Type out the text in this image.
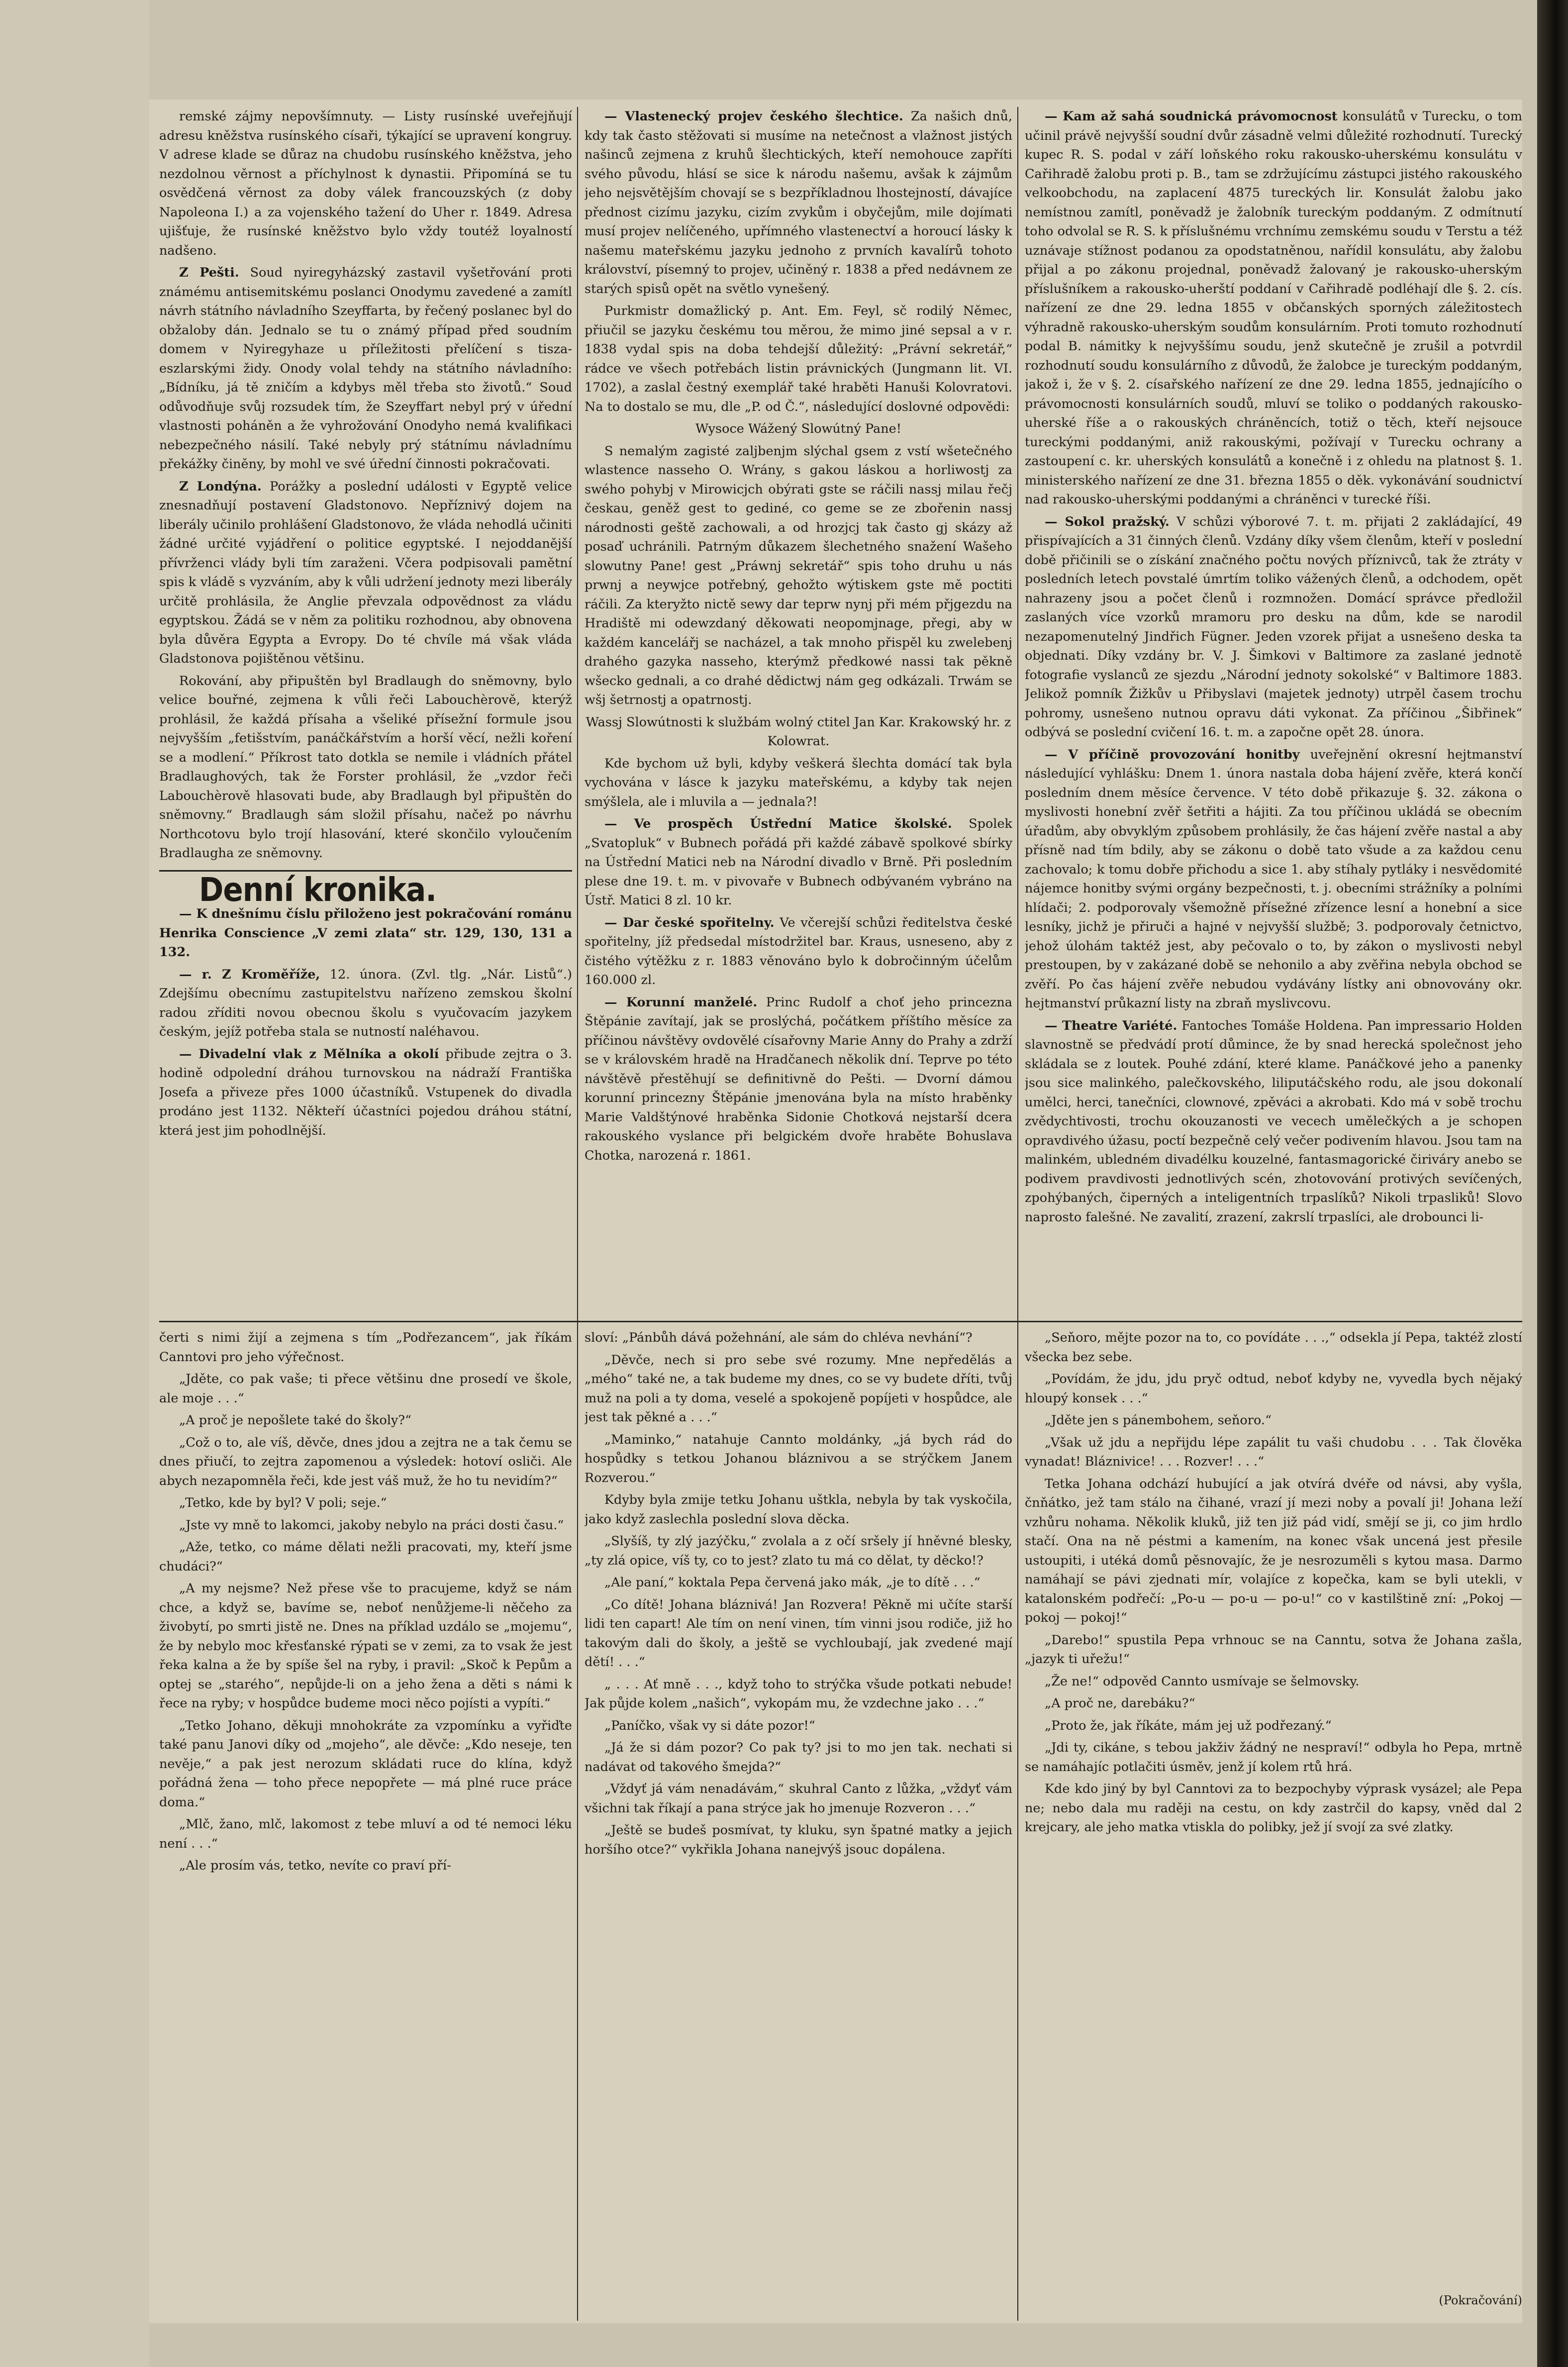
remské zájmy nepovšímnuty. — Listy rusínské uveřejňují adresu kněžstva rusínského císaři, týkající se upravení kongruy. V adrese klade se důraz na chudobu rusínského kněžstva, jeho nezdolnou věrnost a příchylnost k dynastii. Připomíná se tu osvědčená věrnost za doby válek francouzských (z doby Napoleona I.) a za vojenského tažení do Uher r. 1849. Adresa ujišťuje, že rusínské kněžstvo bylo vždy toutéž loyalností nadšeno.

Z Pešti. Soud nyiregyházský zastavil vyšetřování proti známému antisemitskému poslanci Onodymu zavedené a zamítl návrh státního návladního Szeyffarta, by řečený poslanec byl do obžaloby dán. Jednalo se tu o známý případ před soudním domem v Nyiregyhaze u příležitosti přelíčení s tisza-eszlarskými židy. Onody volal tehdy na státního návladního: „Bídníku, já tě zničím a kdybys měl třeba sto životů.“ Soud odůvodňuje svůj rozsudek tím, že Szeyffart nebyl prý v úřední vlastnosti poháněn a že vyhrožování Onodyho nemá kvalifikaci nebezpečného násilí. Také nebyly prý státnímu návladnímu překážky činěny, by mohl ve své úřední činnosti pokračovati.

Z Londýna. Porážky a poslední události v Egyptě velice znesnadňují postavení Gladstonovo. Nepříznivý dojem na liberály učinilo prohlášení Gladstonovo, že vláda nehodlá učiniti žádné určité vyjádření o politice egyptské. I nejoddanější přívrženci vlády byli tím zaraženi. Včera podpisovali pamětní spis k vládě s vyzváním, aby k vůli udržení jednoty mezi liberály určitě prohlásila, že Anglie převzala odpovědnost za vládu egyptskou. Žádá se v něm za politiku rozhodnou, aby obnovena byla důvěra Egypta a Evropy. Do té chvíle má však vláda Gladstonova pojištěnou většinu.

Rokování, aby připuštěn byl Bradlaugh do sněmovny, bylo velice bouřné, zejmena k vůli řeči Labouchèrově, kterýž prohlásil, že každá přísaha a všeliké přísežní formule jsou nejvyšším „fetišstvím, panáčkářstvím a horší věcí, nežli koření se a modlení.“ Příkrost tato dotkla se nemile i vládních přátel Bradlaughových, tak že Forster prohlásil, že „vzdor řeči Labouchèrově hlasovati bude, aby Bradlaugh byl připuštěn do sněmovny.“ Bradlaugh sám složil přísahu, načež po návrhu Northcotovu bylo trojí hlasování, které skončilo vyloučením Bradlaugha ze sněmovny.

Denní kronika.

— K dnešnímu číslu přiloženo jest pokračování románu Henrika Conscience „V zemi zlata“ str. 129, 130, 131 a 132.

— r. Z Kroměříže, 12. února. (Zvl. tlg. „Nár. Listů“.) Zdejšímu obecnímu zastupitelstvu nařízeno zemskou školní radou zříditi novou obecnou školu s vyučovacím jazykem českým, jejíž potřeba stala se nutností naléhavou.

— Divadelní vlak z Mělníka a okolí přibude zejtra o 3. hodině odpolední dráhou turnovskou na nádraží Františka Josefa a přiveze přes 1000 účastníků. Vstupenek do divadla prodáno jest 1132. Někteří účastníci pojedou dráhou státní, která jest jim pohodlnější.

— Vlastenecký projev českého šlechtice. Za našich dnů, kdy tak často stěžovati si musíme na netečnost a vlažnost jistých našinců zejmena z kruhů šlechtických, kteří nemohouce zapříti svého původu, hlásí se sice k národu našemu, avšak k zájmům jeho nejsvětějším chovají se s bezpříkladnou lhostejností, dávajíce přednost cizímu jazyku, cizím zvykům i obyčejům, mile dojímati musí projev nelíčeného, upřímného vlastenectví a horoucí lásky k našemu mateřskému jazyku jednoho z prvních kavalírů tohoto království, písemný to projev, učiněný r. 1838 a před nedávnem ze starých spisů opět na světlo vynešený.

Purkmistr domažlický p. Ant. Em. Feyl, sč rodilý Němec, přiučil se jazyku českému tou měrou, že mimo jiné sepsal a v r. 1838 vydal spis na doba tehdejší důležitý: „Právní sekretář,“ rádce ve všech potřebách listin právnických (Jungmann lit. VI. 1702), a zaslal čestný exemplář také hraběti Hanuši Kolovratovi. Na to dostalo se mu, dle „P. od Č.“, následující doslovné odpovědi:

Wysoce Wážený Slowútný Pane!

S nemalým zagisté zaljbenjm slýchal gsem z vstí wšetečného wlastence nasseho O. Wrány, s gakou láskou a horliwostj za swého pohybj v Mirowicjch obýrati gste se ráčili nassj milau řečj českau, geněž gest to gediné, co geme se ze zbořenin nassj národnosti geště zachowali, a od hrozjcj tak často gj skázy až posaď uchránili. Patrným důkazem šlechetného snažení Wašeho slowutny Pane! gest „Práwnj sekretář“ spis toho druhu u nás prwnj a neywjce potřebný, gehožto wýtiskem gste mě poctiti ráčili. Za kteryžto nictě sewy dar teprw nynj při mém přjgezdu na Hradiště mi odewzdaný děkowati neopomjnage, přegi, aby w každém kancelářj se nacházel, a tak mnoho přispěl ku zwelebenj drahého gazyka nasseho, kterýmž předkowé nassi tak pěkně wšecko gednali, a co drahé dědictwj nám geg odkázali. Trwám se wšj šetrnostj a opatrnostj.

Wassj Slowútnosti k službám wolný ctitel Jan Kar. Krakowský hr. z Kolowrat.

Kde bychom už byli, kdyby veškerá šlechta domácí tak byla vychována v lásce k jazyku mateřskému, a kdyby tak nejen smýšlela, ale i mluvila a — jednala?!

— Ve prospěch Ústřední Matice školské. Spolek „Svatopluk“ v Bubnech pořádá při každé zábavě spolkové sbírky na Ústřední Matici neb na Národní divadlo v Brně. Při posledním plese dne 19. t. m. v pivovaře v Bubnech odbývaném vybráno na Ústř. Matici 8 zl. 10 kr.

— Dar české spořitelny. Ve včerejší schůzi ředitelstva české spořitelny, jíž předsedal místodržitel bar. Kraus, usneseno, aby z čistého výtěžku z r. 1883 věnováno bylo k dobročinným účelům 160.000 zl.

— Korunní manželé. Princ Rudolf a choť jeho princezna Štěpánie zavítají, jak se proslýchá, počátkem příštího měsíce za příčinou návštěvy ovdovělé císařovny Marie Anny do Prahy a zdrží se v královském hradě na Hradčanech několik dní. Teprve po této návštěvě přestěhují se definitivně do Pešti. — Dvorní dámou korunní princezny Štěpánie jmenována byla na místo hraběnky Marie Valdštýnové hraběnka Sidonie Chotková nejstarší dcera rakouského vyslance při belgickém dvoře hraběte Bohuslava Chotka, narozená r. 1861.

— Kam až sahá soudnická právomocnost konsulátů v Turecku, o tom učinil právě nejvyšší soudní dvůr zásadně velmi důležité rozhodnutí. Turecký kupec R. S. podal v září loňského roku rakousko-uherskému konsulátu v Cařihradě žalobu proti p. B., tam se zdržujícímu zástupci jistého rakouského velkoobchodu, na zaplacení 4875 tureckých lir. Konsulát žalobu jako nemístnou zamítl, poněvadž je žalobník tureckým poddaným. Z odmítnutí toho odvolal se R. S. k příslušnému vrchnímu zemskému soudu v Terstu a též uznávaje stížnost podanou za opodstatněnou, nařídil konsulátu, aby žalobu přijal a po zákonu projednal, poněvadž žalovaný je rakousko-uherským příslušníkem a rakousko-uherští poddaní v Cařihradě podléhají dle §. 2. cís. nařízení ze dne 29. ledna 1855 v občanských sporných záležitostech výhradně rakousko-uherským soudům konsulárním. Proti tomuto rozhodnutí podal B. námitky k nejvyššímu soudu, jenž skutečně je zrušil a potvrdil rozhodnutí soudu konsulárního z důvodů, že žalobce je tureckým poddaným, jakož i, že v §. 2. císařského nařízení ze dne 29. ledna 1855, jednajícího o právomocnosti konsulárních soudů, mluví se toliko o poddaných rakousko-uherské říše a o rakouských chráněncích, totiž o těch, kteří nejsouce tureckými poddanými, aniž rakouskými, požívají v Turecku ochrany a zastoupení c. kr. uherských konsulátů a konečně i z ohledu na platnost §. 1. ministerského nařízení ze dne 31. března 1855 o děk. vykonávání soudnictví nad rakousko-uherskými poddanými a chráněnci v turecké říši.

— Sokol pražský. V schůzi výborové 7. t. m. přijati 2 zakládající, 49 přispívajících a 31 činných členů. Vzdány díky všem členům, kteří v poslední době přičinili se o získání značného počtu nových příznivců, tak že ztráty v posledních letech povstalé úmrtím toliko vážených členů, a odchodem, opět nahrazeny jsou a počet členů i rozmnožen. Domácí správce předložil zaslaných více vzorků mramoru pro desku na dům, kde se narodil nezapomenutelný Jindřich Fügner. Jeden vzorek přijat a usnešeno deska ta objednati. Díky vzdány br. V. J. Šimkovi v Baltimore za zaslané jednotě fotografie vyslanců ze sjezdu „Národní jednoty sokolské“ v Baltimore 1883. Jelikož pomník Žižkův u Přibyslavi (majetek jednoty) utrpěl časem trochu pohromy, usnešeno nutnou opravu dáti vykonat. Za příčinou „Šibřinek“ odbývá se poslední cvičení 16. t. m. a započne opět 28. února.

— V příčině provozování honitby uveřejnění okresní hejtmanství následující vyhlášku: Dnem 1. února nastala doba hájení zvěře, která končí posledním dnem měsíce července. V této době přikazuje §. 32. zákona o myslivosti honební zvěř šetřiti a hájiti. Za tou příčinou ukládá se obecním úřadům, aby obvyklým způsobem prohlásily, že čas hájení zvěře nastal a aby přísně nad tím bdily, aby se zákonu o době tato všude a za každou cenu zachovalo; k tomu dobře přichodu a sice 1. aby stíhaly pytláky i nesvědomité nájemce honitby svými orgány bezpečnosti, t. j. obecními strážníky a polními hlídači; 2. podporovaly všemožně přísežné zřízence lesní a honební a sice lesníky, jichž je přiruči a hajné v nejvyšší službě; 3. podporovaly četnictvo, jehož úlohám taktéž jest, aby pečovalo o to, by zákon o myslivosti nebyl prestoupen, by v zakázané době se nehonilo a aby zvěřina nebyla obchod se zvěří. Po čas hájení zvěře nebudou vydávány lístky ani obnovovány okr. hejtmanství průkazní listy na zbraň myslivcovu.

— Theatre Variété. Fantoches Tomáše Holdena. Pan impressario Holden slavnostně se předvádí protí důmince, že by snad herecká společnost jeho skládala se z loutek. Pouhé zdání, které klame. Panáčkové jeho a panenky jsou sice malinkého, palečkovského, liliputáčského rodu, ale jsou dokonalí umělci, herci, tanečníci, clownové, zpěváci a akrobati. Kdo má v sobě trochu zvědychtivosti, trochu okouzanosti ve vecech umělečkých a je schopen opravdivého úžasu, poctí bezpečně celý večer podivením hlavou. Jsou tam na malinkém, ubledném divadélku kouzelné, fantasmagorické čiriváry anebo se podivem pravdivosti jednotlivých scén, zhotovování protivých sevíčených, zpohýbaných, čiperných a inteligentních trpaslíků? Nikoli trpasliků! Slovo naprosto falešné. Ne zavalití, zrazení, zakrslí trpaslíci, ale drobounci li-

čerti s nimi žijí a zejmena s tím „Podřezancem“, jak říkám Canntovi pro jeho výřečnost.

„Jděte, co pak vaše; ti přece většinu dne prosedí ve škole, ale moje . . .“

„A proč je nepošlete také do školy?“

„Což o to, ale víš, děvče, dnes jdou a zejtra ne a tak čemu se dnes přiučí, to zejtra zapomenou a výsledek: hotoví osliči. Ale abych nezapomněla řeči, kde jest váš muž, že ho tu nevidím?“

„Tetko, kde by byl? V poli; seje.“

„Jste vy mně to lakomci, jakoby nebylo na práci dosti času.“

„Aže, tetko, co máme dělati nežli pracovati, my, kteří jsme chudáci?“

„A my nejsme? Než přese vše to pracujeme, když se nám chce, a když se, bavíme se, neboť nenůžjeme-li něčeho za živobytí, po smrti jistě ne. Dnes na příklad uzdálo se „mojemu“, že by nebylo moc křesťanské rýpati se v zemi, za to vsak že jest řeka kalna a že by spíše šel na ryby, i pravil: „Skoč k Pepům a optej se „starého“, nepůjde-li on a jeho žena a děti s námi k řece na ryby; v hospůdce budeme moci něco pojísti a vypíti.“

„Tetko Johano, děkuji mnohokráte za vzpomínku a vyřiďte také panu Janovi díky od „mojeho“, ale děvče: „Kdo neseje, ten nevěje,“ a pak jest nerozum skládati ruce do klína, když pořádná žena — toho přece nepopřete — má plné ruce práce doma.“

„Mlč, žano, mlč, lakomost z tebe mluví a od té nemoci léku není . . .“

„Ale prosím vás, tetko, nevíte co praví pří-

sloví: „Pánbůh dává požehnání, ale sám do chléva nevhání“?

„Děvče, nech si pro sebe své rozumy. Mne nepředělás a „mého“ také ne, a tak budeme my dnes, co se vy budete dříti, tvůj muž na poli a ty doma, veselé a spokojeně popíjeti v hospůdce, ale jest tak pěkné a . . .“

„Maminko,“ natahuje Cannto moldánky, „já bych rád do hospůdky s tetkou Johanou bláznivou a se strýčkem Janem Rozverou.“

Kdyby byla zmije tetku Johanu uštkla, nebyla by tak vyskočila, jako když zaslechla poslední slova děcka.

„Slyšíš, ty zlý jazýčku,“ zvolala a z očí sršely jí hněvné blesky, „ty zlá opice, víš ty, co to jest? zlato tu má co dělat, ty děcko!?

„Ale paní,“ koktala Pepa červená jako mák, „je to dítě . . .“

„Co dítě! Johana bláznivá! Jan Rozvera! Pěkně mi učíte starší lidi ten capart! Ale tím on není vinen, tím vinni jsou rodiče, již ho takovým dali do školy, a ještě se vychloubají, jak zvedené mají dětí! . . .“

„ . . . Ať mně . . ., když toho to strýčka všude potkati nebude! Jak půjde kolem „našich“, vykopám mu, že vzdechne jako . . .“

„Paníčko, však vy si dáte pozor!“

„Já že si dám pozor? Co pak ty? jsi to mo jen tak. nechati si nadávat od takového šmejda?“

„Vždyť já vám nenadávám,“ skuhral Canto z lůžka, „vždyť vám všichni tak říkají a pana strýce jak ho jmenuje Rozveron . . .“

„Ještě se budeš posmívat, ty kluku, syn špatné matky a jejich horšího otce?“ vykřikla Johana nanejvýš jsouc dopálena.

„Seňoro, mějte pozor na to, co povídáte . . .,“ odsekla jí Pepa, taktéž zlostí všecka bez sebe.

„Povídám, že jdu, jdu pryč odtud, neboť kdyby ne, vyvedla bych nějaký hloupý konsek . . .“

„Jděte jen s pánembohem, seňoro.“

„Však už jdu a nepřijdu lépe zapálit tu vaši chudobu . . . Tak člověka vynadat! Bláznivice! . . . Rozver! . . .“

Tetka Johana odchází hubující a jak otvírá dvéře od návsi, aby vyšla, čnňátko, jež tam stálo na čihané, vrazí jí mezi noby a povalí ji! Johana leží vzhůru nohama. Několik kluků, již ten již pád vidí, smějí se ji, co jim hrdlo stačí. Ona na ně péstmi a kamením, na konec však uncená jest přesile ustoupiti, i utéká domů pěsnovajíc, že je nesrozuměli s kytou masa. Darmo namáhají se pávi zjednati mír, volajíce z kopečka, kam se byli utekli, v katalonském podřečí: „Po-u — po-u — po-u!“ co v kastilštině zní: „Pokoj — pokoj — pokoj!“

„Darebo!“ spustila Pepa vrhnouc se na Canntu, sotva že Johana zašla, „jazyk ti uřežu!“

„Že ne!“ odpověd Cannto usmívaje se šelmovsky.

„A proč ne, darebáku?“

„Proto že, jak říkáte, mám jej už podřezaný.“

„Jdi ty, cikáne, s tebou jakživ žádný ne nespraví!“ odbyla ho Pepa, mrtně se namáhajíc potlačiti úsměv, jenž jí kolem rtů hrá.

Kde kdo jiný by byl Canntovi za to bezpochyby výprask vysázel; ale Pepa ne; nebo dala mu raději na cestu, on kdy zastrčil do kapsy, vněd dal 2 krejcary, ale jeho matka vtiskla do polibky, jež jí svojí za své zlatky.

(Pokračování)
